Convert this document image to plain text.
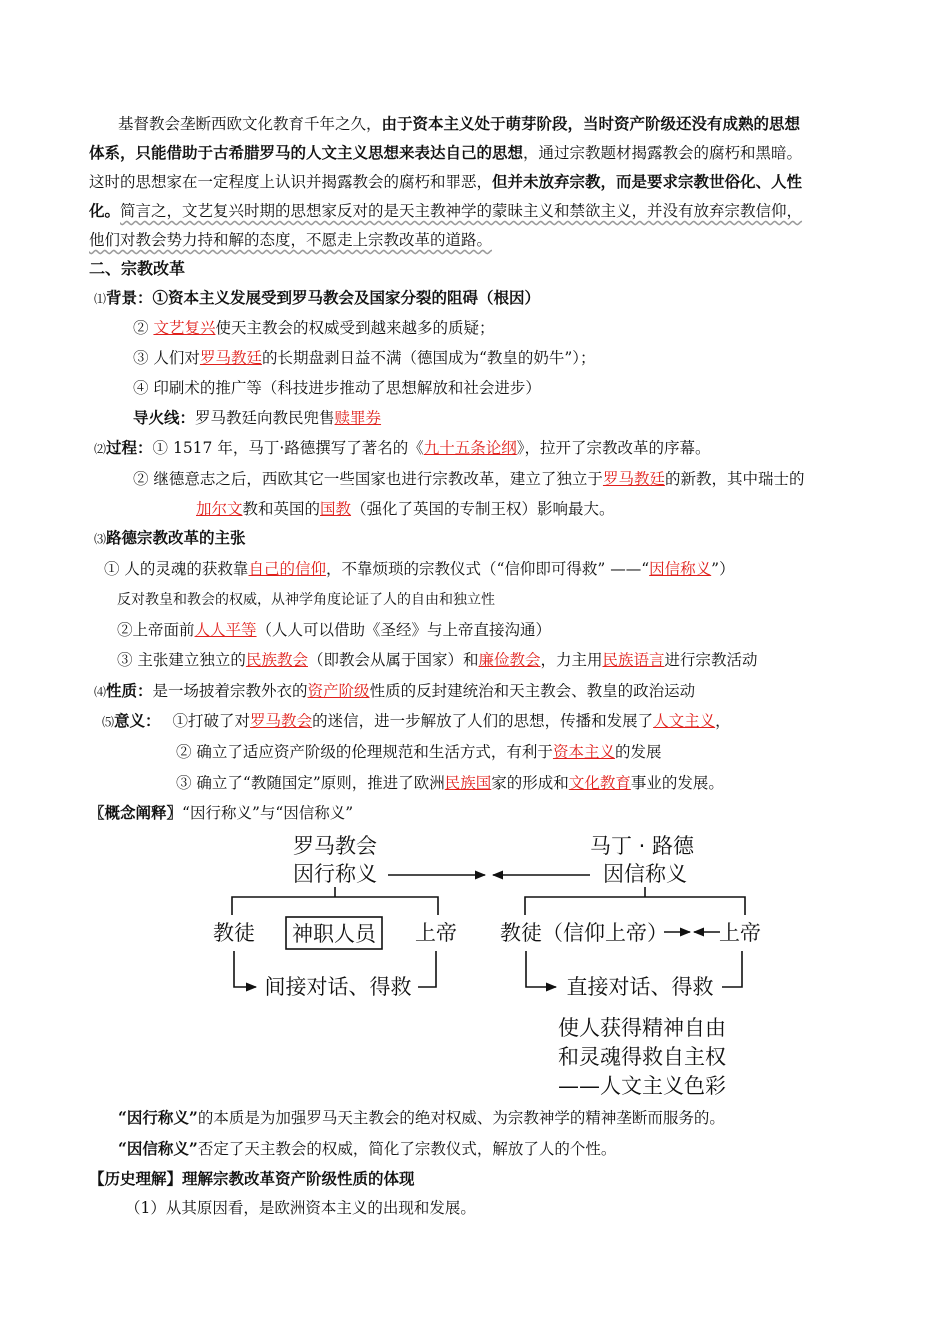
基督教会垄断西欧文化教育千年之久，由于资本主义处于萌芽阶段，当时资产阶级还没有成熟的思想
体系，只能借助于古希腊罗马的人文主义思想来表达自己的思想，通过宗教题材揭露教会的腐朽和黑暗。
这时的思想家在一定程度上认识并揭露教会的腐朽和罪恶，但并未放弃宗教，而是要求宗教世俗化、人性
化。简言之，文艺复兴时期的思想家反对的是天主教神学的蒙昧主义和禁欲主义，并没有放弃宗教信仰，
他们对教会势力持和解的态度，不愿走上宗教改革的道路。
二、宗教改革
⑴背景：①资本主义发展受到罗马教会及国家分裂的阻碍（根因）
② 文艺复兴使天主教会的权威受到越来越多的质疑；
③ 人们对罗马教廷的长期盘剥日益不满（德国成为“教皇的奶牛”）；
④ 印刷术的推广等（科技进步推动了思想解放和社会进步）
导火线：罗马教廷向教民兜售赎罪券
⑵过程：① 1517 年，马丁·路德撰写了著名的《九十五条论纲》，拉开了宗教改革的序幕。
② 继德意志之后，西欧其它一些国家也进行宗教改革，建立了独立于罗马教廷的新教，其中瑞士的
加尔文教和英国的国教（强化了英国的专制王权）影响最大。
⑶路德宗教改革的主张
① 人的灵魂的获救靠自己的信仰，不靠烦琐的宗教仪式（“信仰即可得救” ——“因信称义”）
反对教皇和教会的权威，从神学角度论证了人的自由和独立性
②上帝面前人人平等（人人可以借助《圣经》与上帝直接沟通）
③ 主张建立独立的民族教会（即教会从属于国家）和廉俭教会，力主用民族语言进行宗教活动
⑷性质：是一场披着宗教外衣的资产阶级性质的反封建统治和天主教会、教皇的政治运动
⑸意义： ①打破了对罗马教会的迷信，进一步解放了人们的思想，传播和发展了人文主义，
② 确立了适应资产阶级的伦理规范和生活方式，有利于资本主义的发展
③ 确立了“教随国定”原则，推进了欧洲民族国家的形成和文化教育事业的发展。
〖概念阐释〗“因行称义”与“因信称义”
罗马教会
因行称义
马丁 · 路德
因信称义
教徒 神职人员 上帝 教徒（信仰上帝） 上帝
间接对话、得救	直接对话、得救
使人获得精神自由
和灵魂得救自主权
——人文主义色彩
“因行称义”的本质是为加强罗马天主教会的绝对权威、为宗教神学的精神垄断而服务的。
“因信称义”否定了天主教会的权威，简化了宗教仪式，解放了人的个性。
【历史理解】理解宗教改革资产阶级性质的体现
（1）从其原因看，是欧洲资本主义的出现和发展。
